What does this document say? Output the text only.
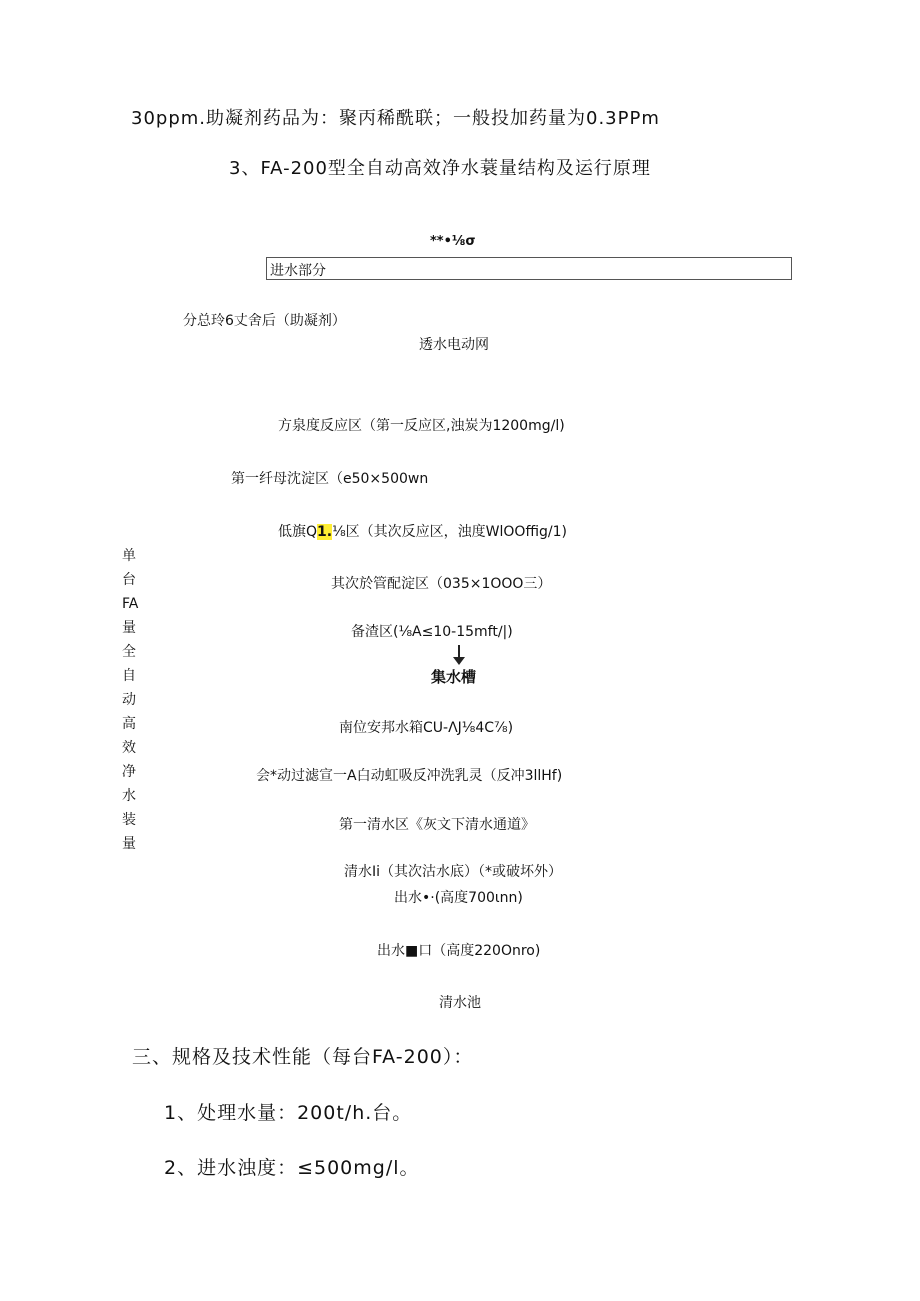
30ppm.助凝剂药品为：聚丙稀酰联；一般投加药量为0.3PPm
3、FA-200型全自动高效净水蓑量结构及运行原理
**•⅛σ
进水部分
分总玲6丈舍后（助凝剂）
透水电动网
方泉度反应区（第一反应区,浊炭为1200mg∕l)
第一纤母沈淀区（e50×500wn
低旗Q1.⅛区（其次反应区，浊度WlOOffig/1)
单
台
FA
量
全
自
动
高
效
净
水
装
量
其次於管配淀区（035×1OOO三）
备渣区(⅛A≤10-15mft∕|)
集水槽
南位安邦水箱CU-ΛJ⅛4C⅞)
会*动过滤宣一A白动虹吸反冲洗乳灵（反冲3llHf)
第一清水区《灰文下清水通道》
清水Ii（其次沽水底）（*或破坏外）
出水•·(高度700ιnn)
出水■口（高度220Onro)
清水池
三、规格及技术性能（每台FA-200）：
1、处理水量：200t∕h.台。
2、进水浊度：≤500mg∕l。
